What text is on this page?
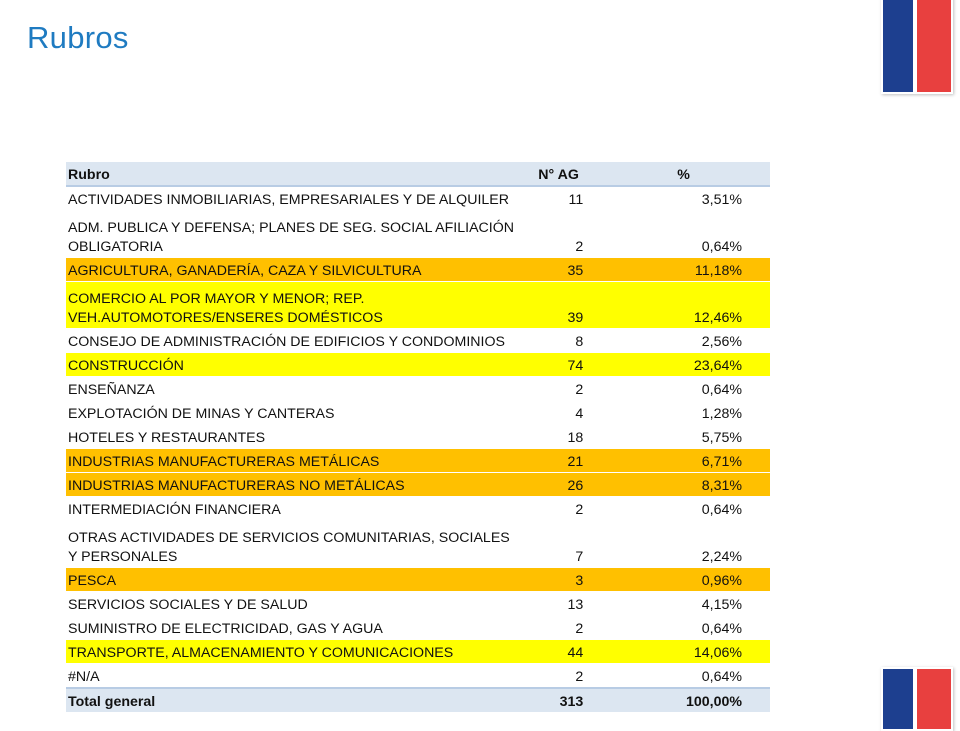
Rubros
Rubro	N° AG	%
ACTIVIDADES INMOBILIARIAS, EMPRESARIALES Y DE ALQUILER	11	3,51%
ADM. PUBLICA Y DEFENSA; PLANES DE SEG. SOCIAL AFILIACIÓN OBLIGATORIA	2	0,64%
AGRICULTURA, GANADERÍA, CAZA Y SILVICULTURA	35	11,18%
COMERCIO AL POR MAYOR Y MENOR; REP. VEH.AUTOMOTORES/ENSERES DOMÉSTICOS	39	12,46%
CONSEJO DE ADMINISTRACIÓN DE EDIFICIOS Y CONDOMINIOS	8	2,56%
CONSTRUCCIÓN	74	23,64%
ENSEÑANZA	2	0,64%
EXPLOTACIÓN DE MINAS Y CANTERAS	4	1,28%
HOTELES Y RESTAURANTES	18	5,75%
INDUSTRIAS MANUFACTURERAS METÁLICAS	21	6,71%
INDUSTRIAS MANUFACTURERAS NO METÁLICAS	26	8,31%
INTERMEDIACIÓN FINANCIERA	2	0,64%
OTRAS ACTIVIDADES DE SERVICIOS COMUNITARIAS, SOCIALES Y PERSONALES	7	2,24%
PESCA	3	0,96%
SERVICIOS SOCIALES Y DE SALUD	13	4,15%
SUMINISTRO DE ELECTRICIDAD, GAS Y AGUA	2	0,64%
TRANSPORTE, ALMACENAMIENTO Y COMUNICACIONES	44	14,06%
#N/A	2	0,64%
Total general	313	100,00%
